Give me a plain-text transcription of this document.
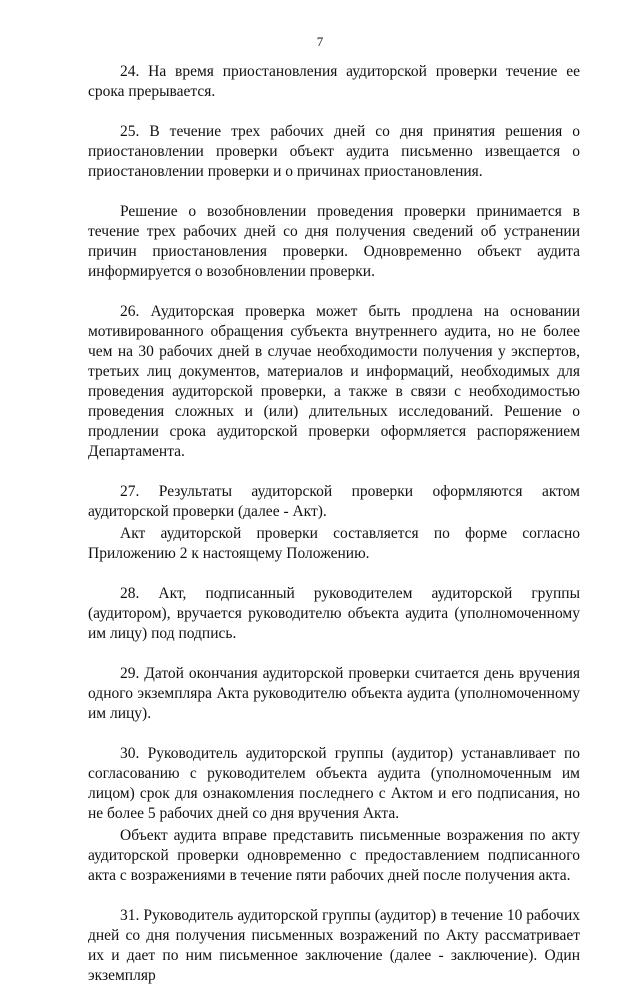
7

24. На время приостановления аудиторской проверки течение ее срока прерывается.

25. В течение трех рабочих дней со дня принятия решения о приостановлении проверки объект аудита письменно извещается о приостановлении проверки и о причинах приостановления.

Решение о возобновлении проведения проверки принимается в течение трех рабочих дней со дня получения сведений об устранении причин приостановления проверки. Одновременно объект аудита информируется о возобновлении проверки.

26. Аудиторская проверка может быть продлена на основании мотивированного обращения субъекта внутреннего аудита, но не более чем на 30 рабочих дней в случае необходимости получения у экспертов, третьих лиц документов, материалов и информаций, необходимых для проведения аудиторской проверки, а также в связи с необходимостью проведения сложных и (или) длительных исследований. Решение о продлении срока аудиторской проверки оформляется распоряжением Департамента.

27. Результаты аудиторской проверки оформляются актом аудиторской проверки (далее - Акт).

Акт аудиторской проверки составляется по форме согласно Приложению 2 к настоящему Положению.

28. Акт, подписанный руководителем аудиторской группы (аудитором), вручается руководителю объекта аудита (уполномоченному им лицу) под подпись.

29. Датой окончания аудиторской проверки считается день вручения одного экземпляра Акта руководителю объекта аудита (уполномоченному им лицу).

30. Руководитель аудиторской группы (аудитор) устанавливает по согласованию с руководителем объекта аудита (уполномоченным им лицом) срок для ознакомления последнего с Актом и его подписания, но не более 5 рабочих дней со дня вручения Акта.

Объект аудита вправе представить письменные возражения по акту аудиторской проверки одновременно с предоставлением подписанного акта с возражениями в течение пяти рабочих дней после получения акта.

31. Руководитель аудиторской группы (аудитор) в течение 10 рабочих дней со дня получения письменных возражений по Акту рассматривает их и дает по ним письменное заключение (далее - заключение). Один экземпляр
